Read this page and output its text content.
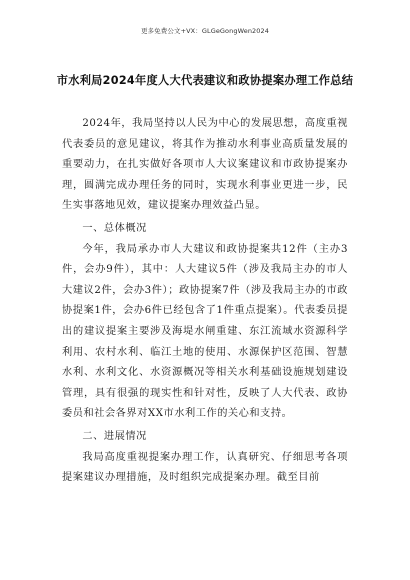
更多免费公文+VX：GLGeGongWen2024
市水利局2024年度人大代表建议和政协提案办理工作总结

2024年，我局坚持以人民为中心的发展思想，高度重视代表委员的意见建议，将其作为推动水利事业高质量发展的重要动力，在扎实做好各项市人大议案建议和市政协提案办理，圆满完成办理任务的同时，实现水利事业更进一步，民生实事落地见效，建议提案办理效益凸显。

一、总体概况

今年，我局承办市人大建议和政协提案共12件（主办3件，会办9件），其中：人大建议5件（涉及我局主办的市人大建议2件，会办3件）；政协提案7件（涉及我局主办的市政协提案1件，会办6件已经包含了1件重点提案）。代表委员提出的建议提案主要涉及海堤水闸重建、东江流域水资源科学利用、农村水利、临江土地的使用、水源保护区范围、智慧水利、水利文化、水资源概况等相关水利基础设施规划建设管理，具有很强的现实性和针对性，反映了人大代表、政协委员和社会各界对XX市水利工作的关心和支持。

二、进展情况

我局高度重视提案办理工作，认真研究、仔细思考各项提案建议办理措施，及时组织完成提案办理。截至目前
